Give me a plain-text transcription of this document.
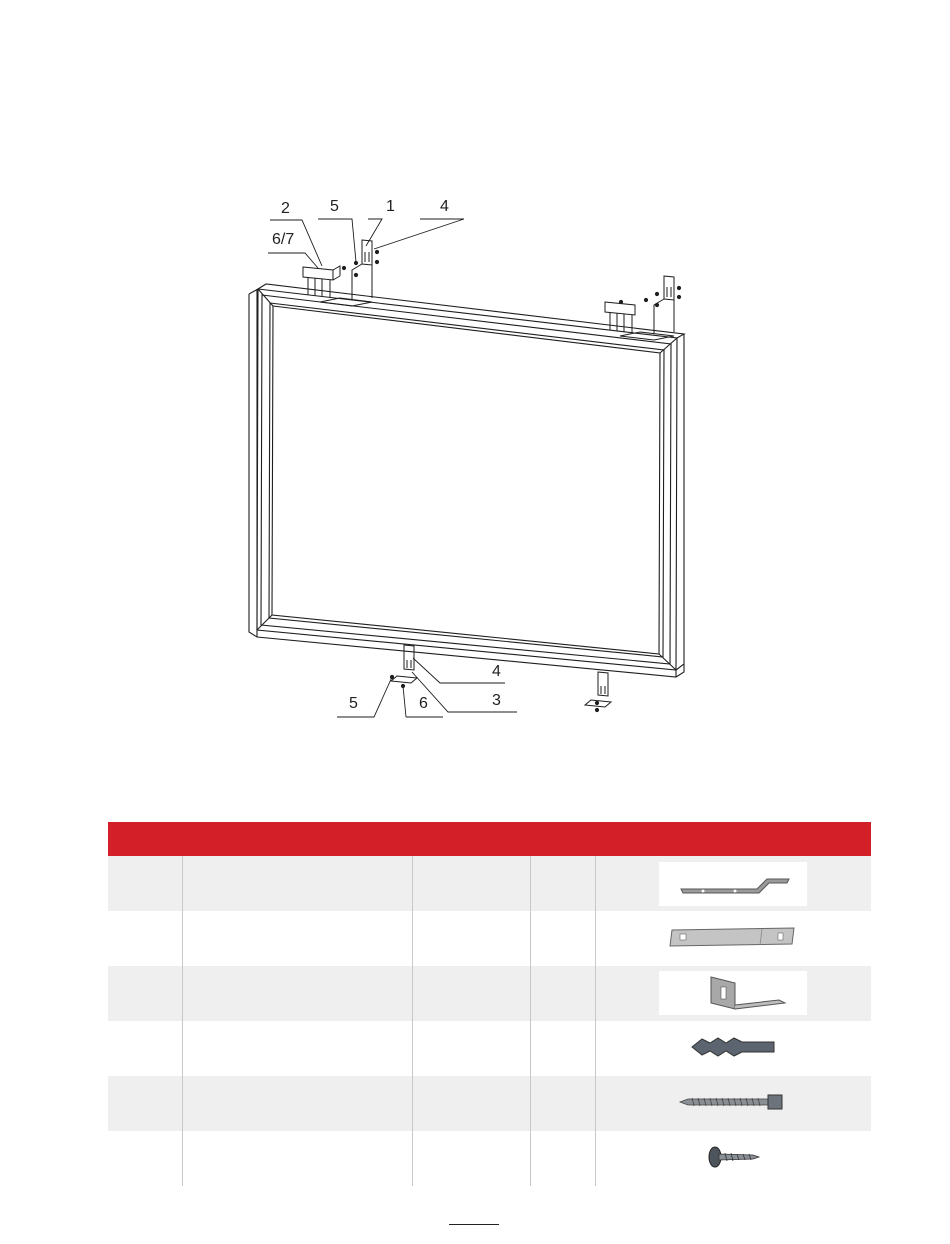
2	5	1	4
6/7
4
5	6	3
